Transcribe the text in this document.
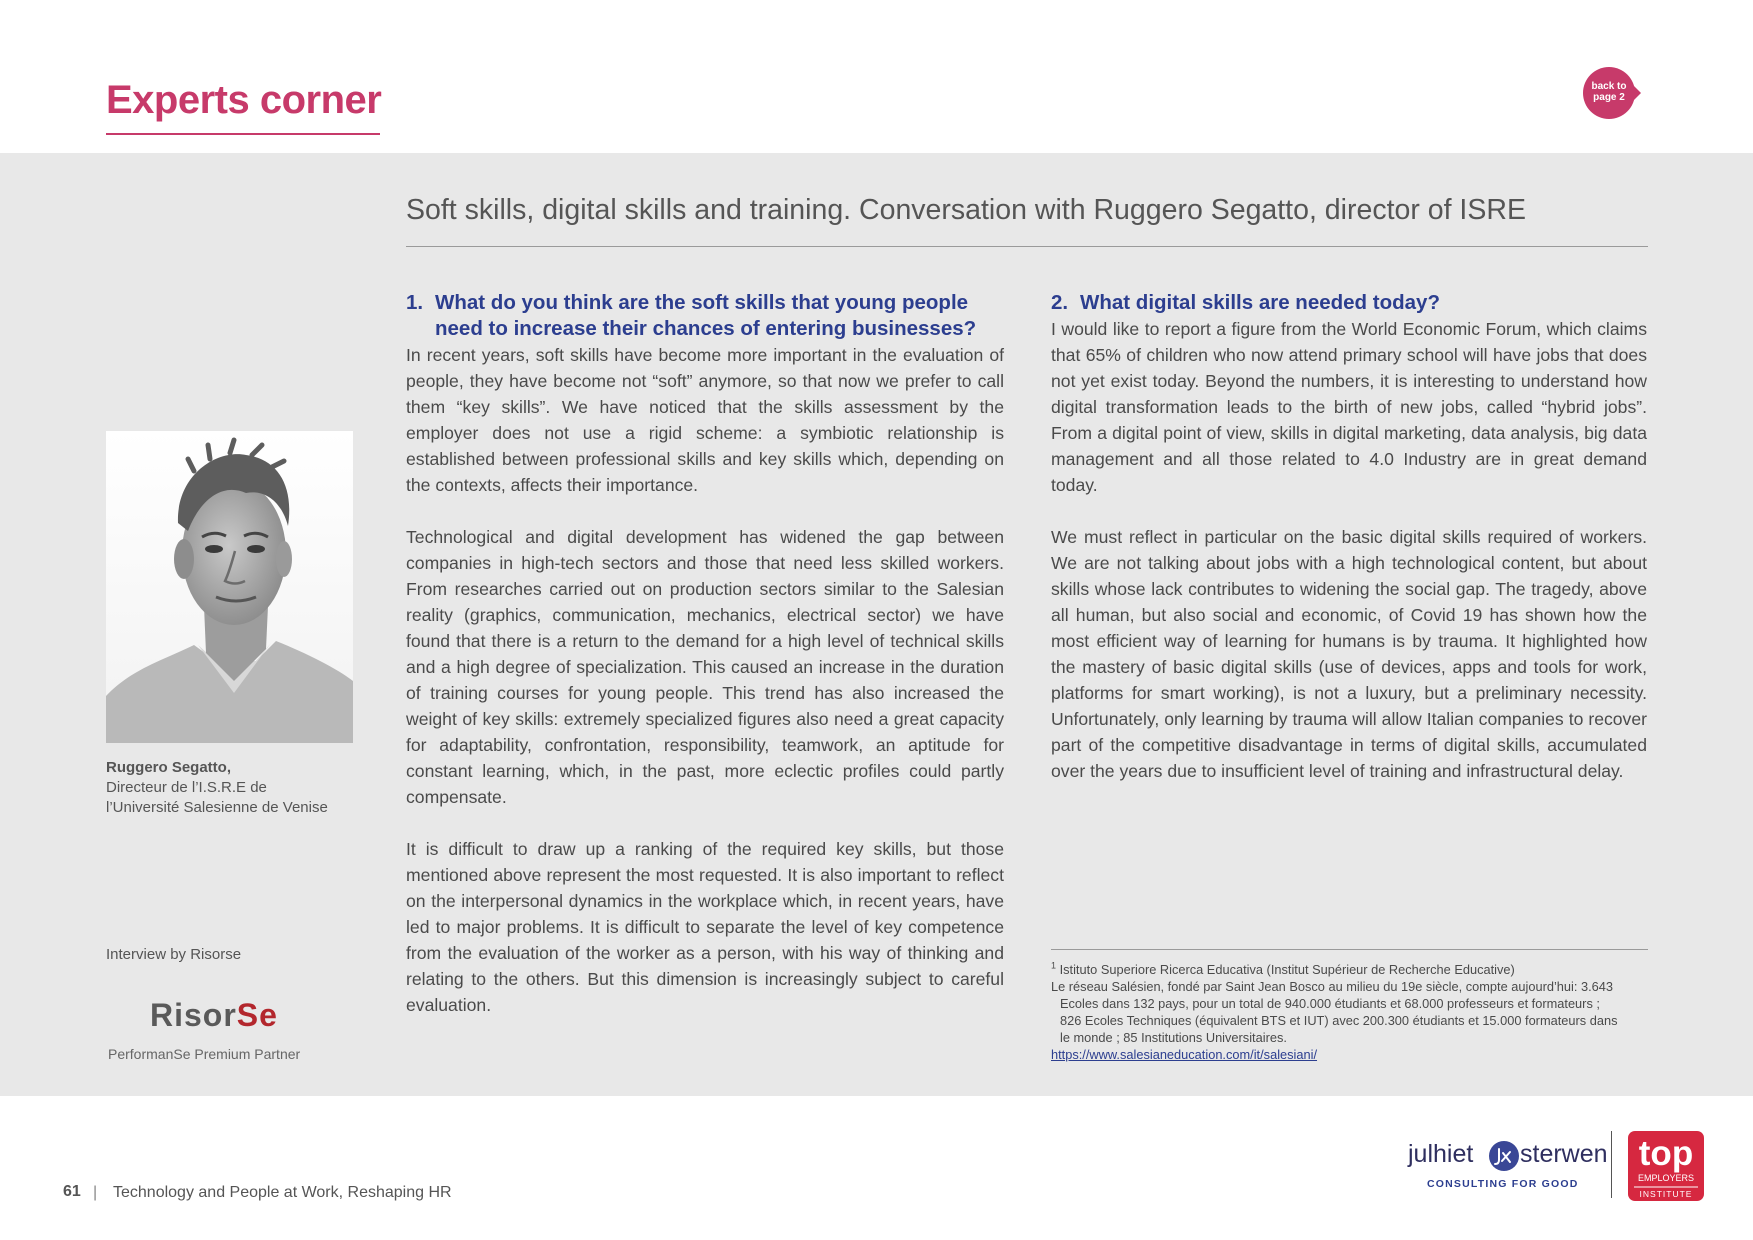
Experts corner	back to
page 2
Soft skills, digital skills and training. Conversation with Ruggero Segatto, director of ISRE
Ruggero Segatto,
Directeur de l’I.S.R.E de
l’Université Salesienne de Venise
Interview by Risorse
RisorSe
PerformanSe Premium Partner
1. What do you think are the soft skills that young people need to increase their chances of entering businesses?

In recent years, soft skills have become more important in the evaluation of people, they have become not “soft” anymore, so that now we prefer to call them “key skills”. We have noticed that the skills assessment by the employer does not use a rigid scheme: a symbiotic relationship is established between professional skills and key skills which, depending on the contexts, affects their importance.

Technological and digital development has widened the gap between companies in high-tech sectors and those that need less skilled workers. From researches carried out on production sectors similar to the Salesian reality (graphics, communication, mechanics, electrical sector) we have found that there is a return to the demand for a high level of technical skills and a high degree of specialization. This caused an increase in the duration of training courses for young people. This trend has also increased the weight of key skills: extremely specialized figures also need a great capacity for adaptability, confrontation, responsibility, teamwork, an aptitude for constant learning, which, in the past, more eclectic profiles could partly compensate.

It is difficult to draw up a ranking of the required key skills, but those mentioned above represent the most requested. It is also important to reflect on the interpersonal dynamics in the workplace which, in recent years, have led to major problems. It is difficult to separate the level of key competence from the evaluation of the worker as a person, with his way of thinking and relating to the others. But this dimension is increasingly subject to careful evaluation.

2. What digital skills are needed today?

I would like to report a figure from the World Economic Forum, which claims that 65% of children who now attend primary school will have jobs that does not yet exist today. Beyond the numbers, it is interesting to understand how digital transformation leads to the birth of new jobs, called “hybrid jobs”. From a digital point of view, skills in digital marketing, data analysis, big data management and all those related to 4.0 Industry are in great demand today.

We must reflect in particular on the basic digital skills required of workers. We are not talking about jobs with a high technological content, but about skills whose lack contributes to widening the social gap. The tragedy, above all human, but also social and economic, of Covid 19 has shown how the most efficient way of learning for humans is by trauma. It highlighted how the mastery of basic digital skills (use of devices, apps and tools for work, platforms for smart working), is not a luxury, but a preliminary necessity. Unfortunately, only learning by trauma will allow Italian companies to recover part of the competitive disadvantage in terms of digital skills, accumulated over the years due to insufficient level of training and infrastructural delay.

$^1$ Istituto Superiore Ricerca Educativa (Institut Supérieur de Recherche Educative)
Le réseau Salésien, fondé par Saint Jean Bosco au milieu du 19e siècle, compte aujourd’hui: 3.643
Ecoles dans 132 pays, pour un total de 940.000 étudiants et 68.000 professeurs et formateurs ;
826 Ecoles Techniques (équivalent BTS et IUT) avec 200.300 étudiants et 15.000 formateurs dans
le monde ; 85 Institutions Universitaires.
https://www.salesianeducation.com/it/salesiani/
61 | Technology and People at Work, Reshaping HR
julhiet sterwen
CONSULTING FOR GOOD
top
EMPLOYERS
INSTITUTE
